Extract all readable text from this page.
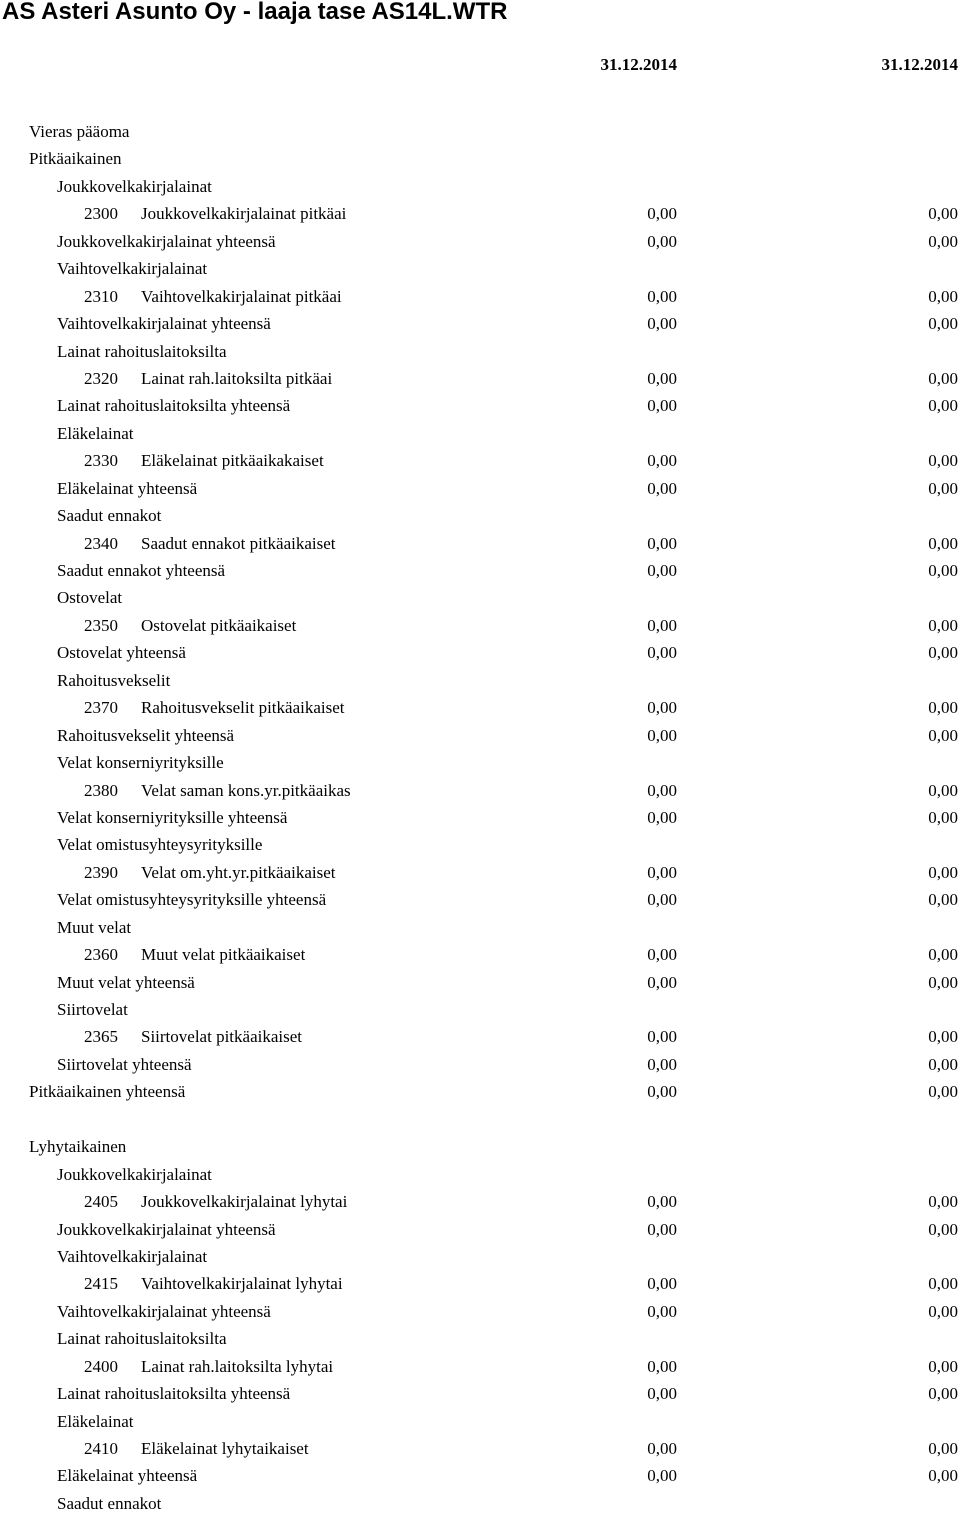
AS Asteri Asunto Oy - laaja tase AS14L.WTR
31.12.2014	31.12.2014
Vieras pääoma
Pitkäaikainen
Joukkovelkakirjalainat
2300 Joukkovelkakirjalainat pitkäai	0,00	0,00
Joukkovelkakirjalainat yhteensä	0,00	0,00
Vaihtovelkakirjalainat
2310 Vaihtovelkakirjalainat pitkäai	0,00	0,00
Vaihtovelkakirjalainat yhteensä	0,00	0,00
Lainat rahoituslaitoksilta
2320 Lainat rah.laitoksilta pitkäai	0,00	0,00
Lainat rahoituslaitoksilta yhteensä	0,00	0,00
Eläkelainat
2330 Eläkelainat pitkäaikakaiset	0,00	0,00
Eläkelainat yhteensä	0,00	0,00
Saadut ennakot
2340 Saadut ennakot pitkäaikaiset	0,00	0,00
Saadut ennakot yhteensä	0,00	0,00
Ostovelat
2350 Ostovelat pitkäaikaiset	0,00	0,00
Ostovelat yhteensä	0,00	0,00
Rahoitusvekselit
2370 Rahoitusvekselit pitkäaikaiset	0,00	0,00
Rahoitusvekselit yhteensä	0,00	0,00
Velat konserniyrityksille
2380 Velat saman kons.yr.pitkäaikas	0,00	0,00
Velat konserniyrityksille yhteensä	0,00	0,00
Velat omistusyhteysyrityksille
2390 Velat om.yht.yr.pitkäaikaiset	0,00	0,00
Velat omistusyhteysyrityksille yhteensä	0,00	0,00
Muut velat
2360 Muut velat pitkäaikaiset	0,00	0,00
Muut velat yhteensä	0,00	0,00
Siirtovelat
2365 Siirtovelat pitkäaikaiset	0,00	0,00
Siirtovelat yhteensä	0,00	0,00
Pitkäaikainen yhteensä	0,00	0,00
Lyhytaikainen
Joukkovelkakirjalainat
2405 Joukkovelkakirjalainat lyhytai	0,00	0,00
Joukkovelkakirjalainat yhteensä	0,00	0,00
Vaihtovelkakirjalainat
2415 Vaihtovelkakirjalainat lyhytai	0,00	0,00
Vaihtovelkakirjalainat yhteensä	0,00	0,00
Lainat rahoituslaitoksilta
2400 Lainat rah.laitoksilta lyhytai	0,00	0,00
Lainat rahoituslaitoksilta yhteensä	0,00	0,00
Eläkelainat
2410 Eläkelainat lyhytaikaiset	0,00	0,00
Eläkelainat yhteensä	0,00	0,00
Saadut ennakot
